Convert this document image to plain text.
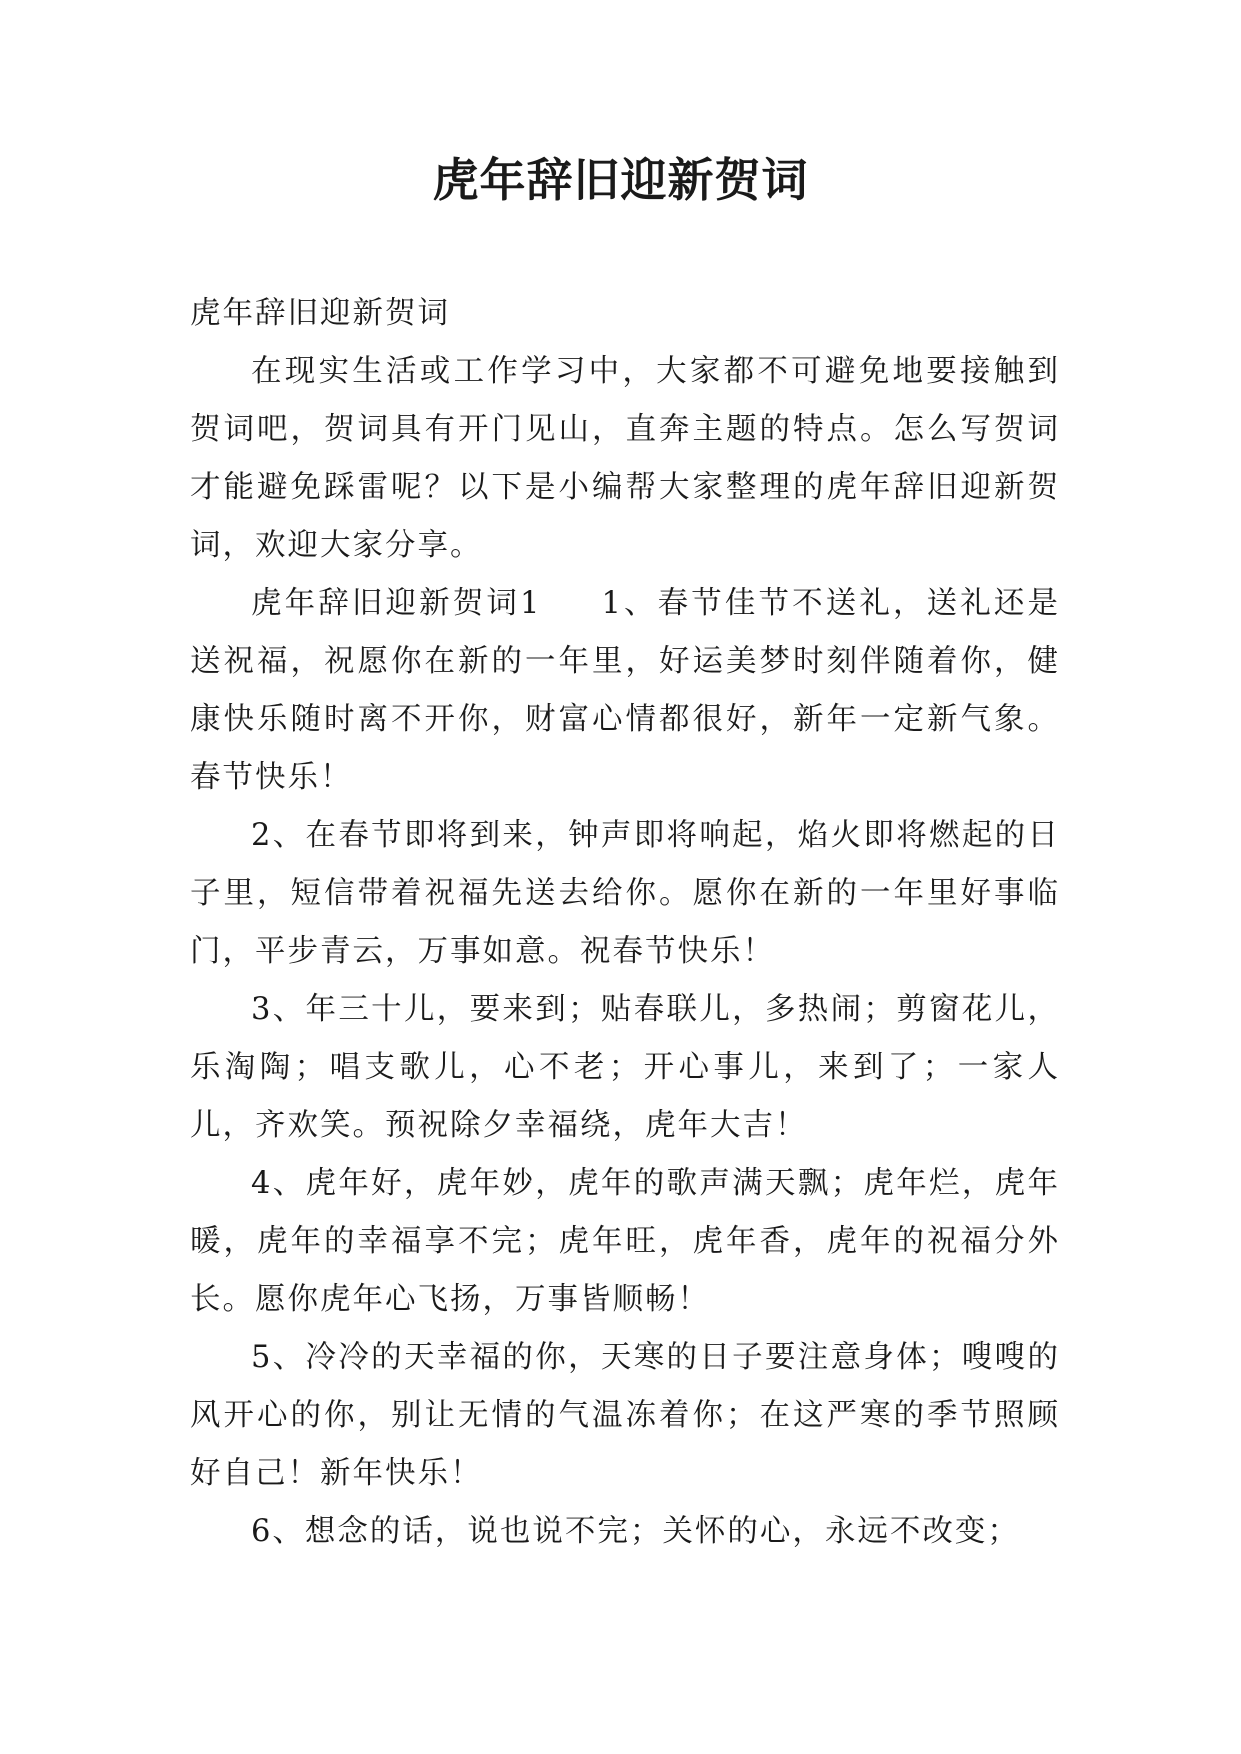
虎年辞旧迎新贺词

虎年辞旧迎新贺词

在现实生活或工作学习中，大家都不可避免地要接触到贺词吧，贺词具有开门见山，直奔主题的特点。怎么写贺词才能避免踩雷呢？以下是小编帮大家整理的虎年辞旧迎新贺词，欢迎大家分享。

虎年辞旧迎新贺词1 1、春节佳节不送礼，送礼还是送祝福，祝愿你在新的一年里，好运美梦时刻伴随着你，健康快乐随时离不开你，财富心情都很好，新年一定新气象。春节快乐！

2、在春节即将到来，钟声即将响起，焰火即将燃起的日子里，短信带着祝福先送去给你。愿你在新的一年里好事临门，平步青云，万事如意。祝春节快乐！

3、年三十儿，要来到；贴春联儿，多热闹；剪窗花儿，乐淘陶；唱支歌儿，心不老；开心事儿，来到了；一家人儿，齐欢笑。预祝除夕幸福绕，虎年大吉！

4、虎年好，虎年妙，虎年的歌声满天飘；虎年烂，虎年暖，虎年的幸福享不完；虎年旺，虎年香，虎年的祝福分外长。愿你虎年心飞扬，万事皆顺畅！

5、冷冷的天幸福的你，天寒的日子要注意身体；嗖嗖的风开心的你，别让无情的气温冻着你；在这严寒的季节照顾好自己！新年快乐！

6、想念的话，说也说不完；关怀的心，永远不改变；
